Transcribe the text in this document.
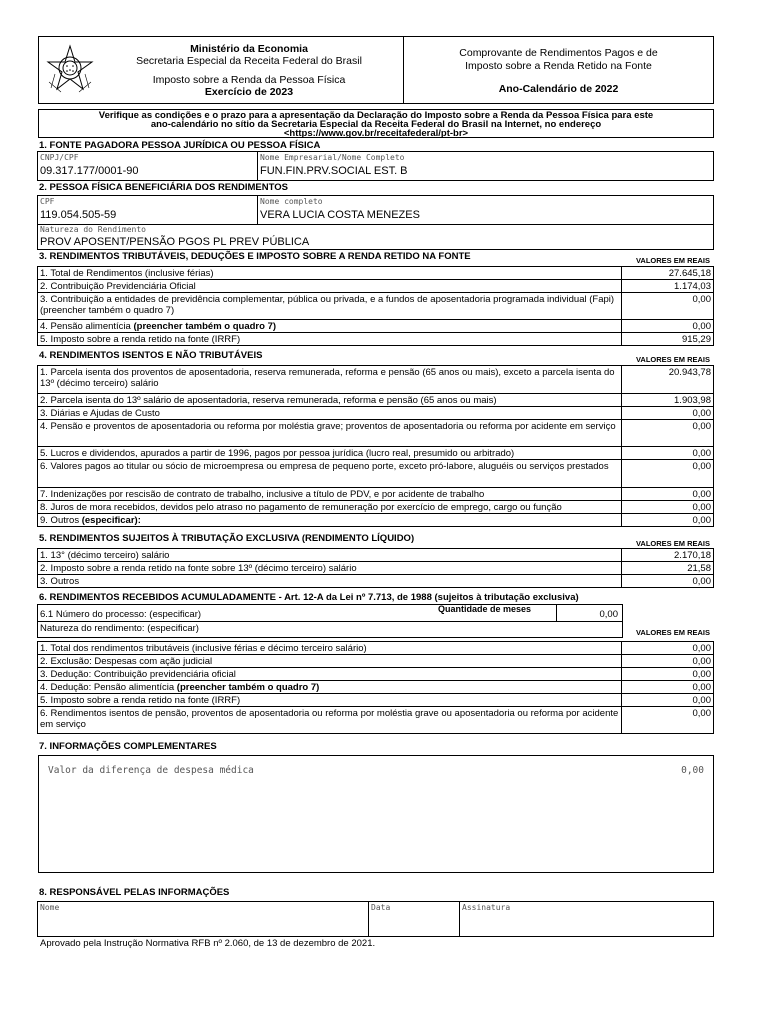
Ministério da Economia
Secretaria Especial da Receita Federal do Brasil
Imposto sobre a Renda da Pessoa Física
Exercício de 2023
Comprovante de Rendimentos Pagos e de
Imposto sobre a Renda Retido na Fonte
Ano-Calendário de 2022
Verifique as condições e o prazo para a apresentação da Declaração do Imposto sobre a Renda da Pessoa Física para este
ano-calendário no sítio da Secretaria Especial da Receita Federal do Brasil na Internet, no endereço
<https://www.gov.br/receitafederal/pt-br>
1. FONTE PAGADORA PESSOA JURÍDICA OU PESSOA FÍSICA
CNPJ/CPF
09.317.177/0001-90
Nome Empresarial/Nome Completo
FUN.FIN.PRV.SOCIAL EST. B
2. PESSOA FÍSICA BENEFICIÁRIA DOS RENDIMENTOS
CPF
119.054.505-59
Nome completo
VERA LUCIA COSTA MENEZES
Natureza do Rendimento
PROV APOSENT/PENSÃO PGOS PL PREV PÚBLICA
3. RENDIMENTOS TRIBUTÁVEIS, DEDUÇÕES E IMPOSTO SOBRE A RENDA RETIDO NA FONTE	VALORES EM REAIS
1. Total de Rendimentos (inclusive férias)	27.645,18
2. Contribuição Previdenciária Oficial	1.174,03
3. Contribuição a entidades de previdência complementar, pública ou privada, e a fundos de aposentadoria programada individual (Fapi) (preencher também o quadro 7)	0,00
4. Pensão alimentícia (preencher também o quadro 7)	0,00
5. Imposto sobre a renda retido na fonte (IRRF)	915,29
4. RENDIMENTOS ISENTOS E NÃO TRIBUTÁVEIS	VALORES EM REAIS
1. Parcela isenta dos proventos de aposentadoria, reserva remunerada, reforma e pensão (65 anos ou mais), exceto a parcela isenta do 13º (décimo terceiro) salário	20.943,78
2. Parcela isenta do 13º salário de aposentadoria, reserva remunerada, reforma e pensão (65 anos ou mais)	1.903,98
3. Diárias e Ajudas de Custo	0,00
4. Pensão e proventos de aposentadoria ou reforma por moléstia grave; proventos de aposentadoria ou reforma por acidente em serviço	0,00
5. Lucros e dividendos, apurados a partir de 1996, pagos por pessoa jurídica (lucro real, presumido ou arbitrado)	0,00
6. Valores pagos ao titular ou sócio de microempresa ou empresa de pequeno porte, exceto pró-labore, aluguéis ou serviços prestados	0,00
7. Indenizações por rescisão de contrato de trabalho, inclusive a título de PDV, e por acidente de trabalho	0,00
8. Juros de mora recebidos, devidos pelo atraso no pagamento de remuneração por exercício de emprego, cargo ou função	0,00
9. Outros (especificar):	0,00
5. RENDIMENTOS SUJEITOS À TRIBUTAÇÃO EXCLUSIVA (RENDIMENTO LÍQUIDO)	VALORES EM REAIS
1. 13° (décimo terceiro) salário	2.170,18
2. Imposto sobre a renda retido na fonte sobre 13º (décimo terceiro) salário	21,58
3. Outros	0,00
6. RENDIMENTOS RECEBIDOS ACUMULADAMENTE - Art. 12-A da Lei nº 7.713, de 1988 (sujeitos à tributação exclusiva)
6.1 Número do processo: (especificar)	Quantidade de meses	0,00
Natureza do rendimento: (especificar)	VALORES EM REAIS
1. Total dos rendimentos tributáveis (inclusive férias e décimo terceiro salário)	0,00
2. Exclusão: Despesas com ação judicial	0,00
3. Dedução: Contribuição previdenciária oficial	0,00
4. Dedução: Pensão alimentícia (preencher também o quadro 7)	0,00
5. Imposto sobre a renda retido na fonte (IRRF)	0,00
6. Rendimentos isentos de pensão, proventos de aposentadoria ou reforma por moléstia grave ou aposentadoria ou reforma por acidente em serviço	0,00
7. INFORMAÇÕES COMPLEMENTARES
Valor da diferença de despesa médica	0,00
8. RESPONSÁVEL PELAS INFORMAÇÕES
Nome	Data	Assinatura
Aprovado pela Instrução Normativa RFB nº 2.060, de 13 de dezembro de 2021.
